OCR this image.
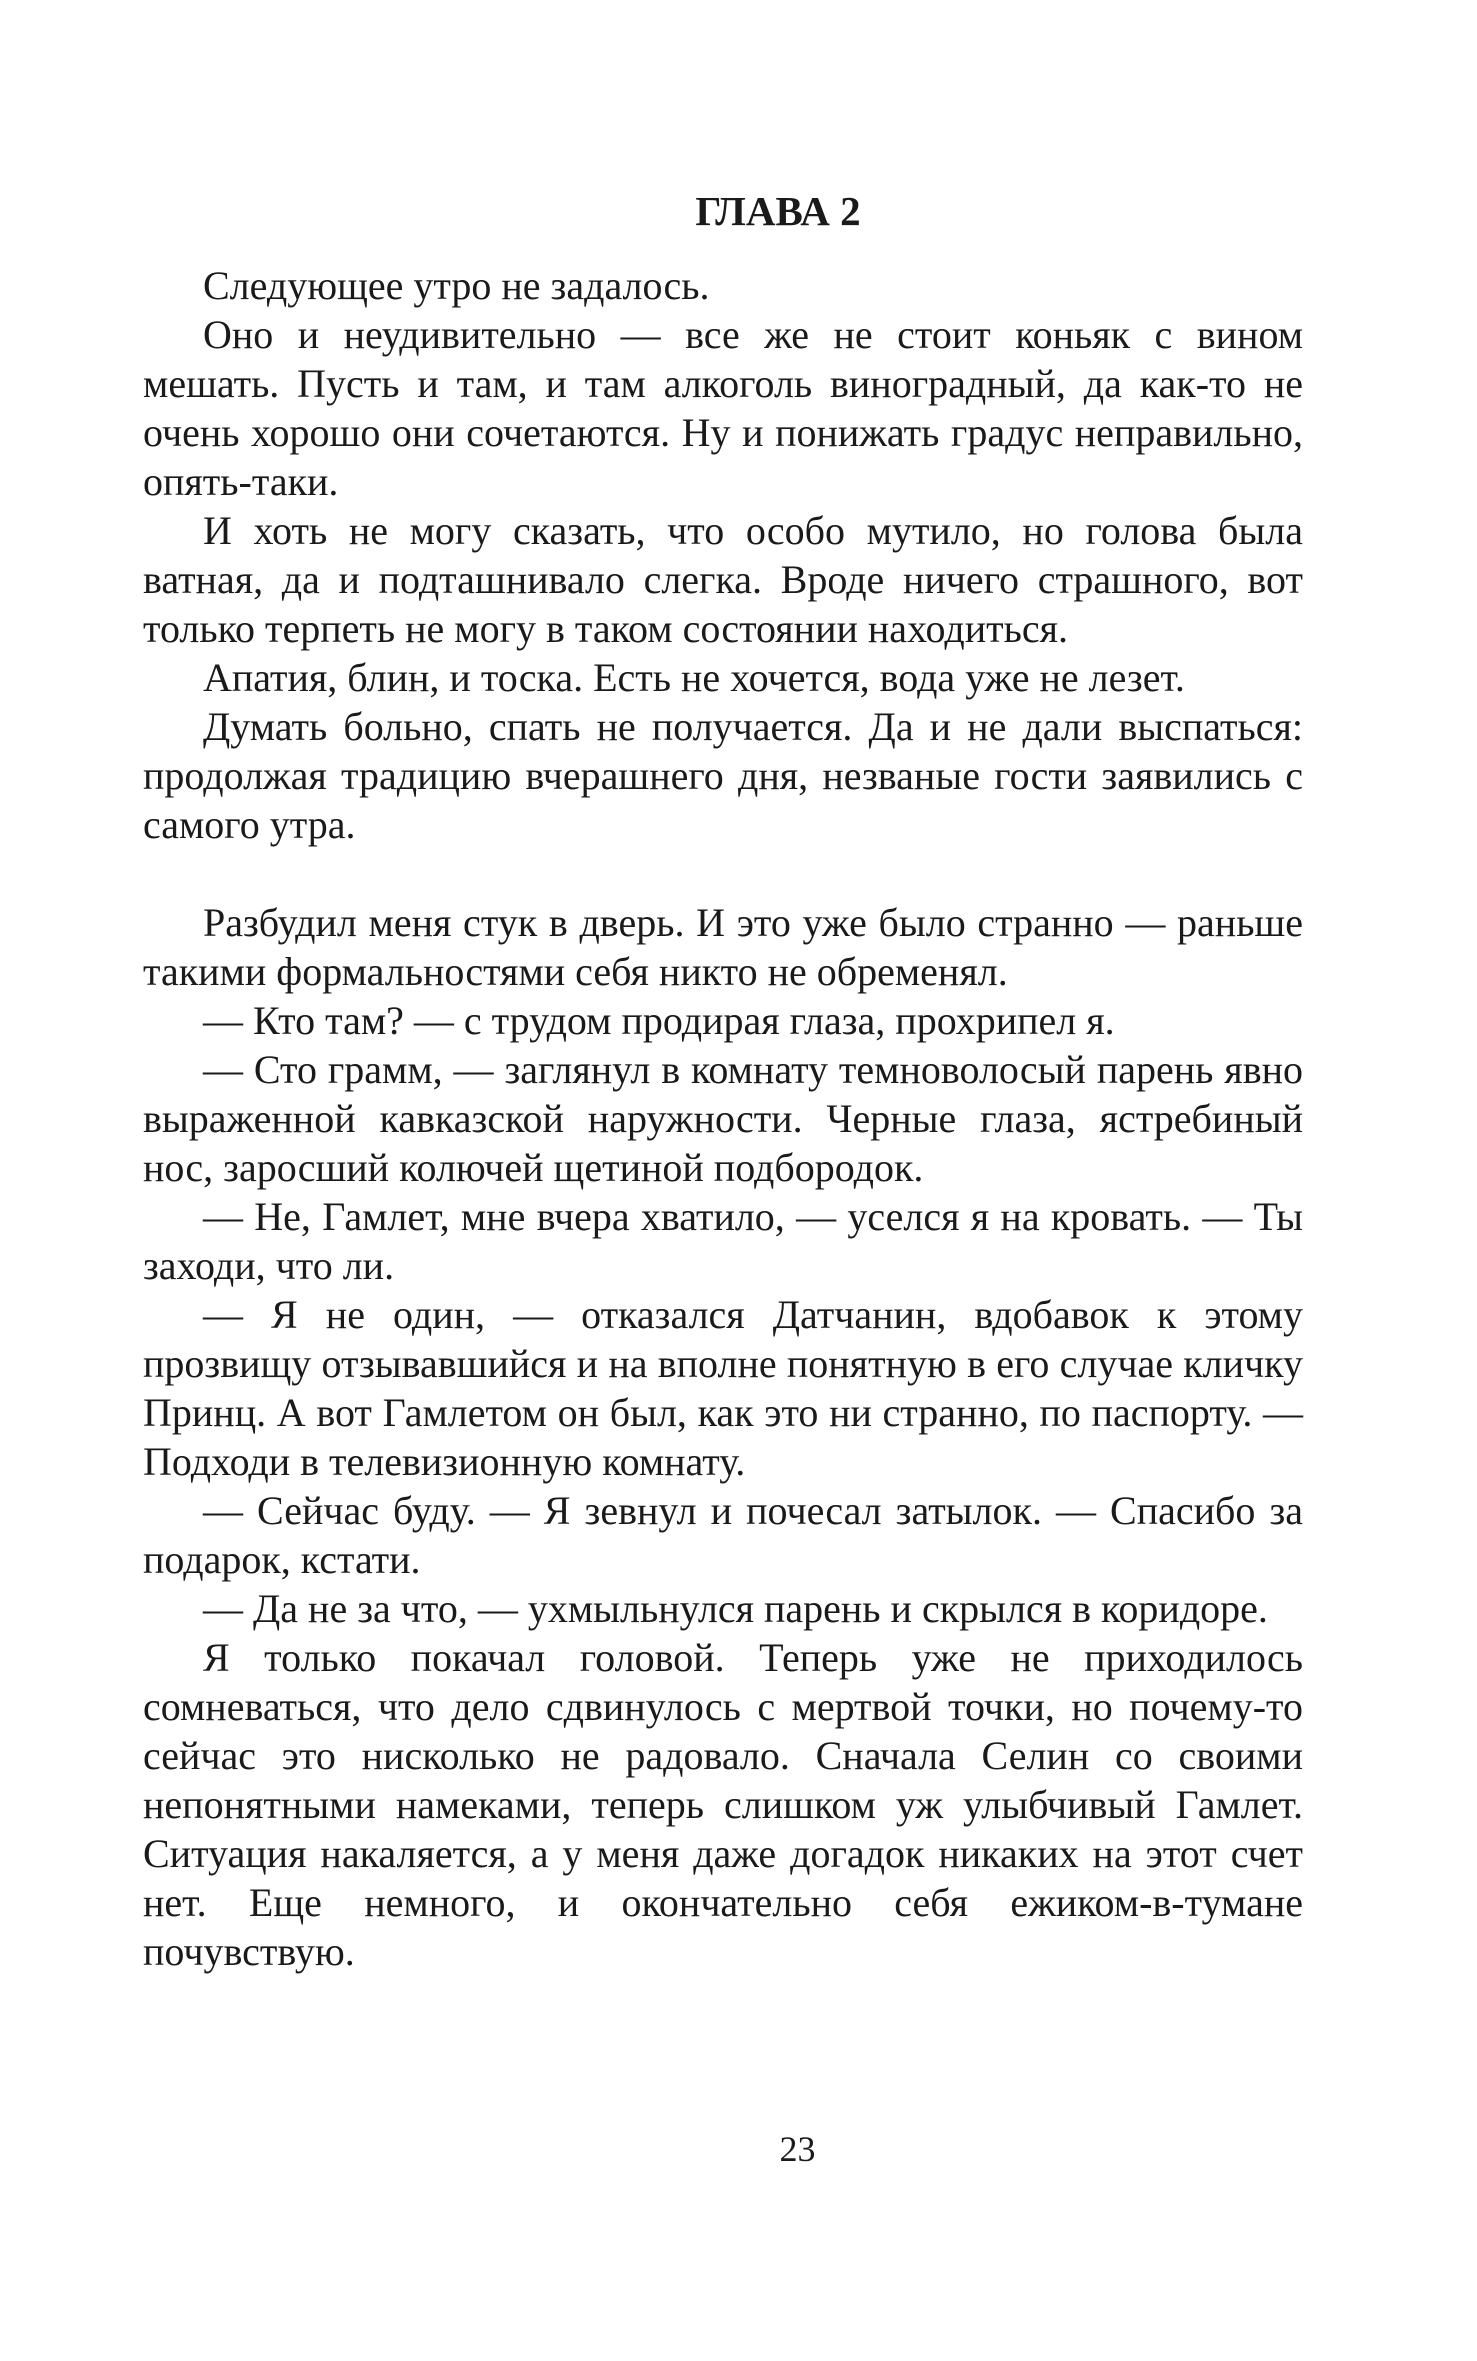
ГЛАВА 2

Следующее утро не задалось.

Оно и неудивительно — все же не стоит коньяк с вином мешать. Пусть и там, и там алкоголь виноградный, да как-то не очень хорошо они сочетаются. Ну и понижать градус неправильно, опять-таки.

И хоть не могу сказать, что особо мутило, но голова была ватная, да и подташнивало слегка. Вроде ничего страшного, вот только терпеть не могу в таком состоянии находиться.

Апатия, блин, и тоска. Есть не хочется, вода уже не лезет.

Думать больно, спать не получается. Да и не дали выспаться: продолжая традицию вчерашнего дня, незваные гости заявились с самого утра.

Разбудил меня стук в дверь. И это уже было странно — раньше такими формальностями себя никто не обременял.

— Кто там? — с трудом продирая глаза, прохрипел я.

— Сто грамм, — заглянул в комнату темноволосый парень явно выраженной кавказской наружности. Черные глаза, ястребиный нос, заросший колючей щетиной подбородок.

— Не, Гамлет, мне вчера хватило, — уселся я на кровать. — Ты заходи, что ли.

— Я не один, — отказался Датчанин, вдобавок к этому прозвищу отзывавшийся и на вполне понятную в его случае кличку Принц. А вот Гамлетом он был, как это ни странно, по паспорту. — Подходи в телевизионную комнату.

— Сейчас буду. — Я зевнул и почесал затылок. — Спасибо за подарок, кстати.

— Да не за что, — ухмыльнулся парень и скрылся в коридоре.

Я только покачал головой. Теперь уже не приходилось сомневаться, что дело сдвинулось с мертвой точки, но почему-то сейчас это нисколько не радовало. Сначала Селин со своими непонятными намеками, теперь слишком уж улыбчивый Гамлет. Ситуация накаляется, а у меня даже догадок никаких на этот счет нет. Еще немного, и окончательно себя ежиком-в-тумане почувствую.

23
